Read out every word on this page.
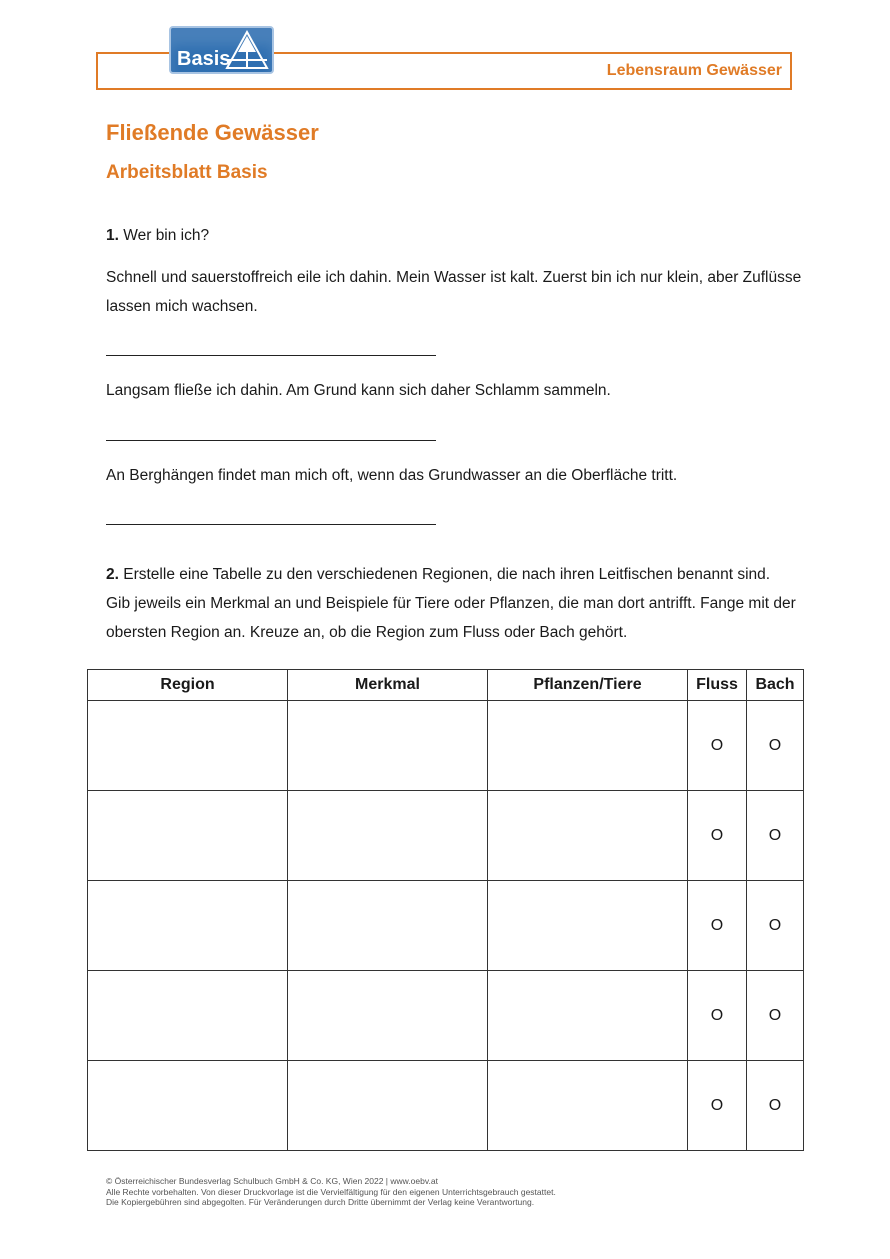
Lebensraum Gewässer
Basis
Fließende Gewässer
Arbeitsblatt Basis
1. Wer bin ich?
Schnell und sauerstoffreich eile ich dahin. Mein Wasser ist kalt. Zuerst bin ich nur klein, aber Zuflüsse lassen mich wachsen.
Langsam fließe ich dahin. Am Grund kann sich daher Schlamm sammeln.
An Berghängen findet man mich oft, wenn das Grundwasser an die Oberfläche tritt.
2. Erstelle eine Tabelle zu den verschiedenen Regionen, die nach ihren Leitfischen benannt sind. Gib jeweils ein Merkmal an und Beispiele für Tiere oder Pflanzen, die man dort antrifft. Fange mit der obersten Region an. Kreuze an, ob die Region zum Fluss oder Bach gehört.
Region	Merkmal	Pflanzen/Tiere	Fluss	Bach
			O	O
			O	O
			O	O
			O	O
			O	O
© Österreichischer Bundesverlag Schulbuch GmbH & Co. KG, Wien 2022 | www.oebv.at
Alle Rechte vorbehalten. Von dieser Druckvorlage ist die Vervielfältigung für den eigenen Unterrichtsgebrauch gestattet.
Die Kopiergebühren sind abgegolten. Für Veränderungen durch Dritte übernimmt der Verlag keine Verantwortung.
